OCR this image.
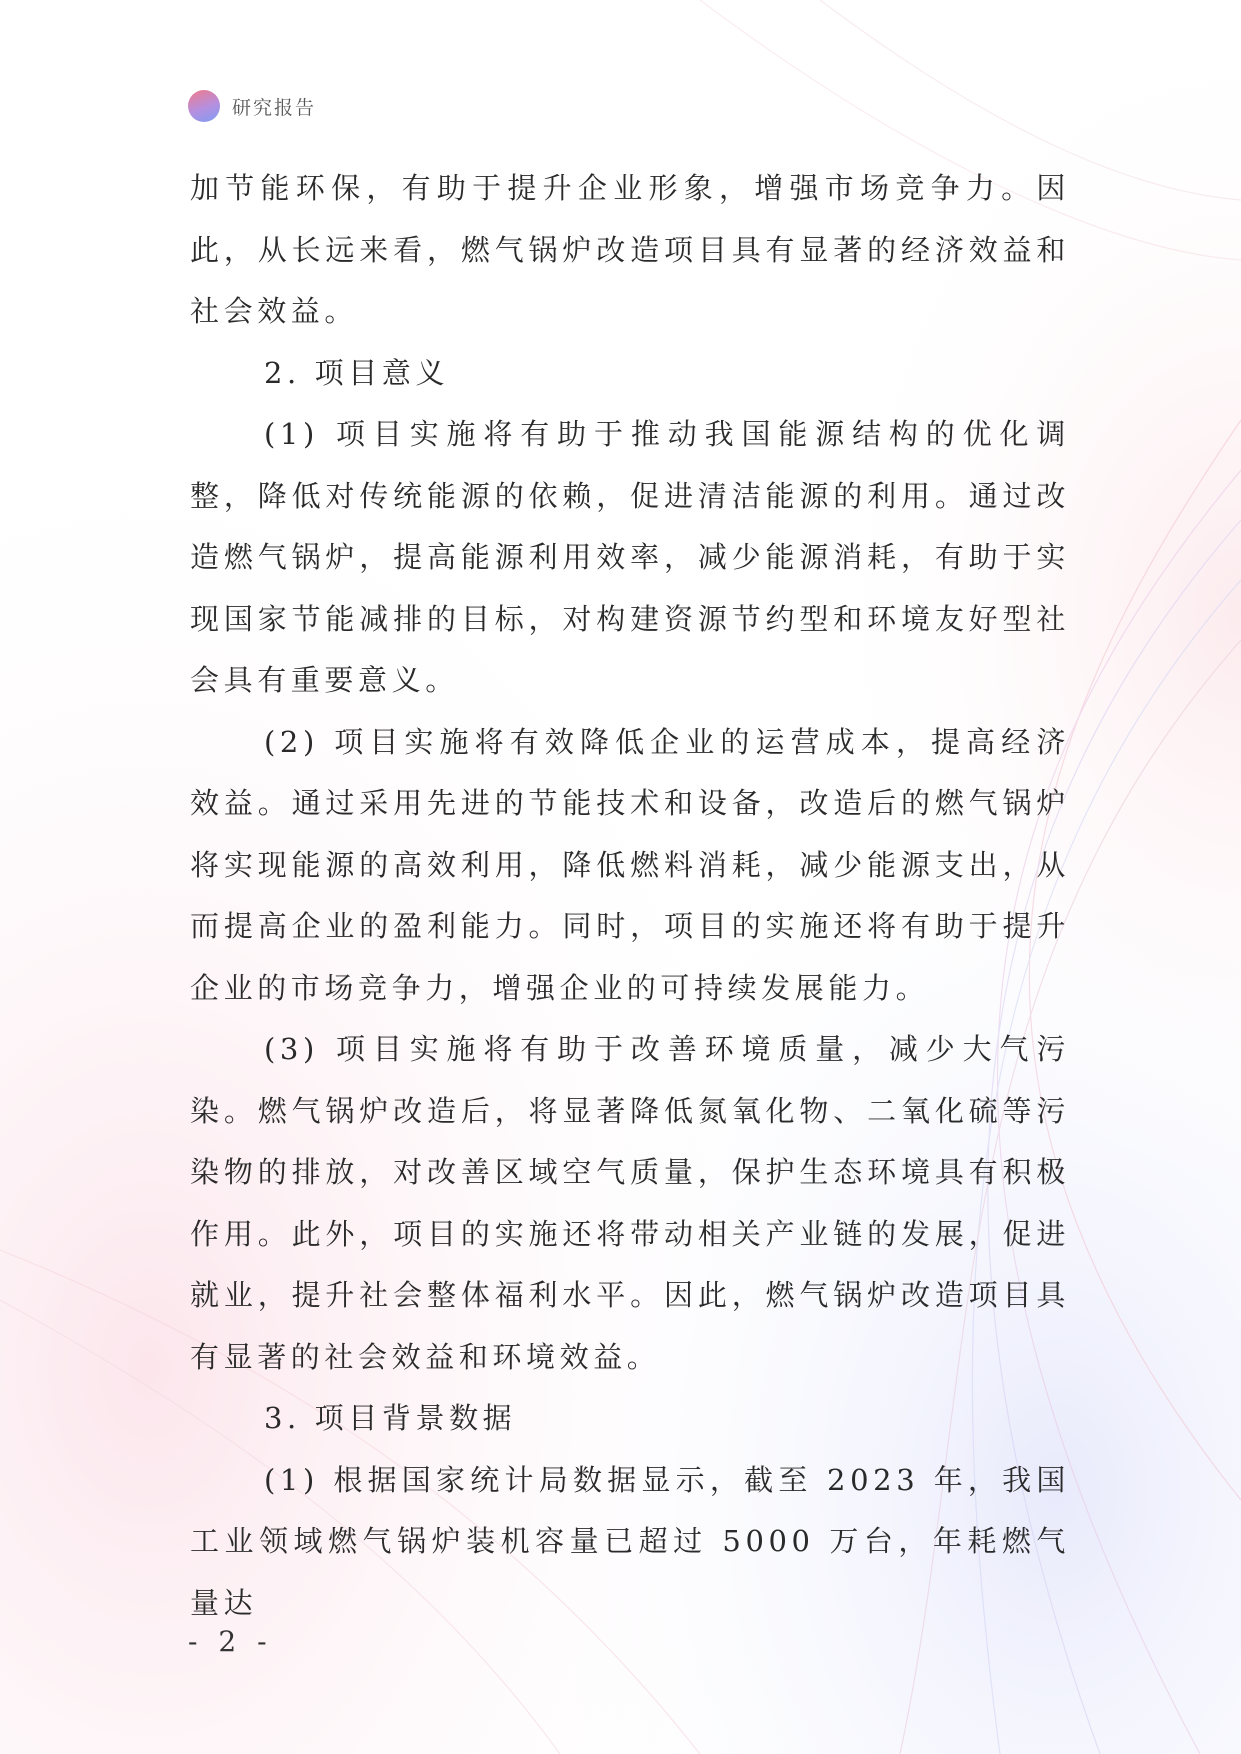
研究报告

加节能环保，有助于提升企业形象，增强市场竞争力。因此，从长远来看，燃气锅炉改造项目具有显著的经济效益和社会效益。

2. 项目意义

(1) 项目实施将有助于推动我国能源结构的优化调整，降低对传统能源的依赖，促进清洁能源的利用。通过改造燃气锅炉，提高能源利用效率，减少能源消耗，有助于实现国家节能减排的目标，对构建资源节约型和环境友好型社会具有重要意义。

(2) 项目实施将有效降低企业的运营成本，提高经济效益。通过采用先进的节能技术和设备，改造后的燃气锅炉将实现能源的高效利用，降低燃料消耗，减少能源支出，从而提高企业的盈利能力。同时，项目的实施还将有助于提升企业的市场竞争力，增强企业的可持续发展能力。

(3) 项目实施将有助于改善环境质量，减少大气污染。燃气锅炉改造后，将显著降低氮氧化物、二氧化硫等污染物的排放，对改善区域空气质量，保护生态环境具有积极作用。此外，项目的实施还将带动相关产业链的发展，促进就业，提升社会整体福利水平。因此，燃气锅炉改造项目具有显著的社会效益和环境效益。

3. 项目背景数据

(1) 根据国家统计局数据显示，截至 2023 年，我国工业领域燃气锅炉装机容量已超过 5000 万台，年耗燃气量达

- 2 -
